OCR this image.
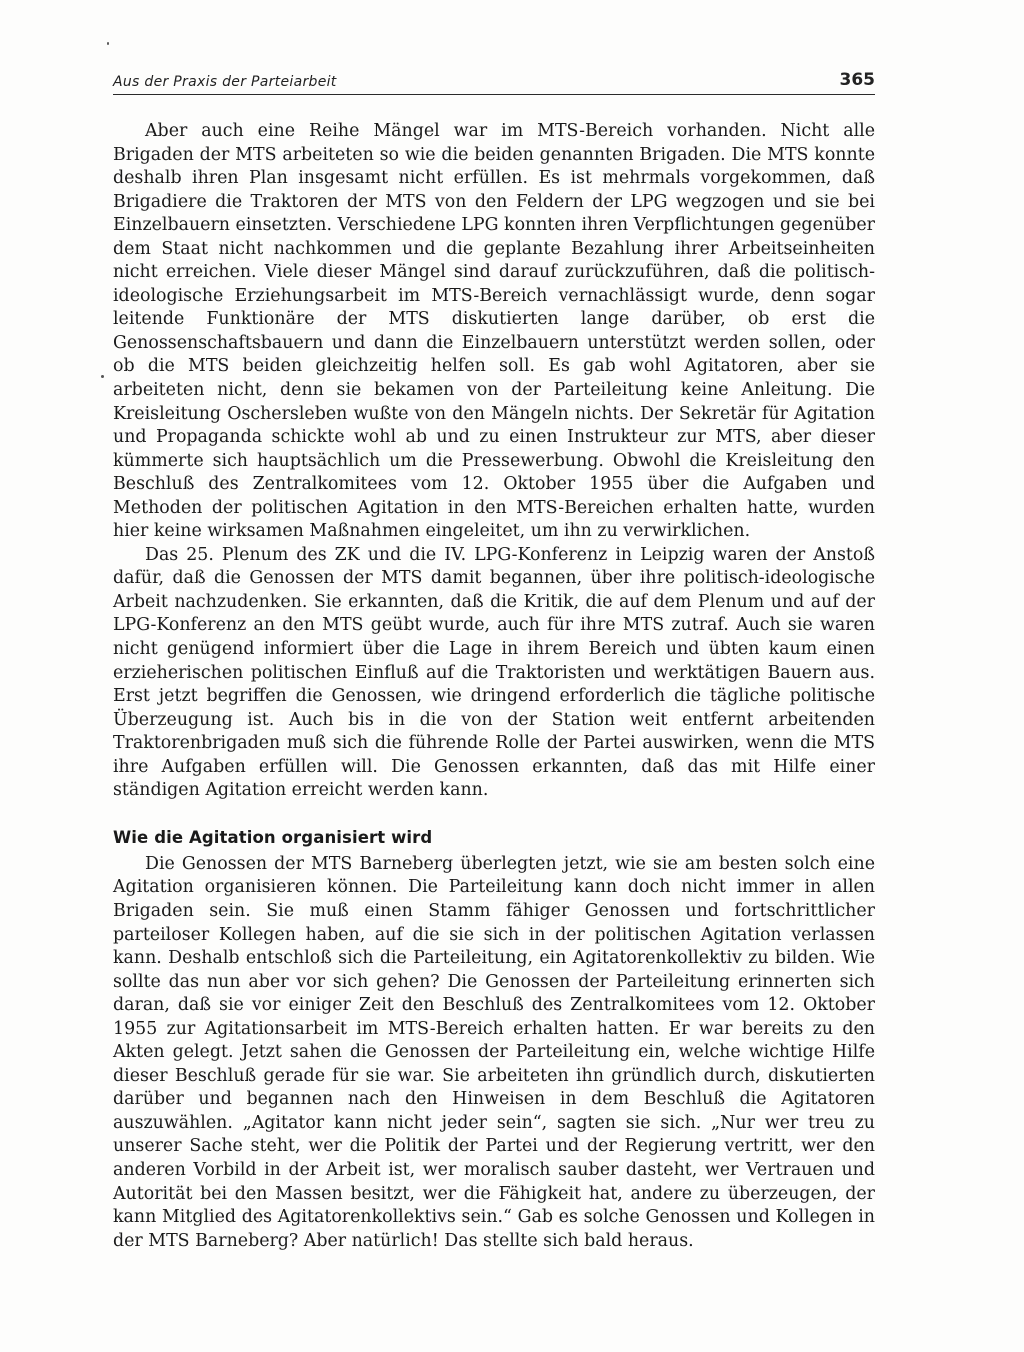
Aus der Praxis der Parteiarbeit	365

Aber auch eine Reihe Mängel war im MTS-Bereich vorhanden. Nicht alle Brigaden der MTS arbeiteten so wie die beiden genannten Brigaden. Die MTS konnte deshalb ihren Plan insgesamt nicht erfüllen. Es ist mehrmals vorgekommen, daß Brigadiere die Traktoren der MTS von den Feldern der LPG wegzogen und sie bei Einzelbauern einsetzten. Verschiedene LPG konnten ihren Verpflichtungen gegenüber dem Staat nicht nachkommen und die geplante Bezahlung ihrer Arbeitseinheiten nicht erreichen. Viele dieser Mängel sind darauf zurückzuführen, daß die politisch-ideologische Erziehungsarbeit im MTS-Bereich vernachlässigt wurde, denn sogar leitende Funktionäre der MTS diskutierten lange darüber, ob erst die Genossenschaftsbauern und dann die Einzelbauern unterstützt werden sollen, oder ob die MTS beiden gleichzeitig helfen soll. Es gab wohl Agitatoren, aber sie arbeiteten nicht, denn sie bekamen von der Parteileitung keine Anleitung. Die Kreisleitung Oschersleben wußte von den Mängeln nichts. Der Sekretär für Agitation und Propaganda schickte wohl ab und zu einen Instrukteur zur MTS, aber dieser kümmerte sich hauptsächlich um die Pressewerbung. Obwohl die Kreisleitung den Beschluß des Zentralkomitees vom 12. Oktober 1955 über die Aufgaben und Methoden der politischen Agitation in den MTS-Bereichen erhalten hatte, wurden hier keine wirksamen Maßnahmen eingeleitet, um ihn zu verwirklichen.

Das 25. Plenum des ZK und die IV. LPG-Konferenz in Leipzig waren der Anstoß dafür, daß die Genossen der MTS damit begannen, über ihre politisch-ideologische Arbeit nachzudenken. Sie erkannten, daß die Kritik, die auf dem Plenum und auf der LPG-Konferenz an den MTS geübt wurde, auch für ihre MTS zutraf. Auch sie waren nicht genügend informiert über die Lage in ihrem Bereich und übten kaum einen erzieherischen politischen Einfluß auf die Traktoristen und werktätigen Bauern aus. Erst jetzt begriffen die Genossen, wie dringend erforderlich die tägliche politische Überzeugung ist. Auch bis in die von der Station weit entfernt arbeitenden Traktorenbrigaden muß sich die führende Rolle der Partei auswirken, wenn die MTS ihre Aufgaben erfüllen will. Die Genossen erkannten, daß das mit Hilfe einer ständigen Agitation erreicht werden kann.

Wie die Agitation organisiert wird

Die Genossen der MTS Barneberg überlegten jetzt, wie sie am besten solch eine Agitation organisieren können. Die Parteileitung kann doch nicht immer in allen Brigaden sein. Sie muß einen Stamm fähiger Genossen und fortschrittlicher parteiloser Kollegen haben, auf die sie sich in der politischen Agitation verlassen kann. Deshalb entschloß sich die Parteileitung, ein Agitatorenkollektiv zu bilden. Wie sollte das nun aber vor sich gehen? Die Genossen der Parteileitung erinnerten sich daran, daß sie vor einiger Zeit den Beschluß des Zentralkomitees vom 12. Oktober 1955 zur Agitationsarbeit im MTS-Bereich erhalten hatten. Er war bereits zu den Akten gelegt. Jetzt sahen die Genossen der Parteileitung ein, welche wichtige Hilfe dieser Beschluß gerade für sie war. Sie arbeiteten ihn gründlich durch, diskutierten darüber und begannen nach den Hinweisen in dem Beschluß die Agitatoren auszuwählen. „Agitator kann nicht jeder sein“, sagten sie sich. „Nur wer treu zu unserer Sache steht, wer die Politik der Partei und der Regierung vertritt, wer den anderen Vorbild in der Arbeit ist, wer moralisch sauber dasteht, wer Vertrauen und Autorität bei den Massen besitzt, wer die Fähigkeit hat, andere zu überzeugen, der kann Mitglied des Agitatorenkollektivs sein.“ Gab es solche Genossen und Kollegen in der MTS Barneberg? Aber natürlich! Das stellte sich bald heraus.
